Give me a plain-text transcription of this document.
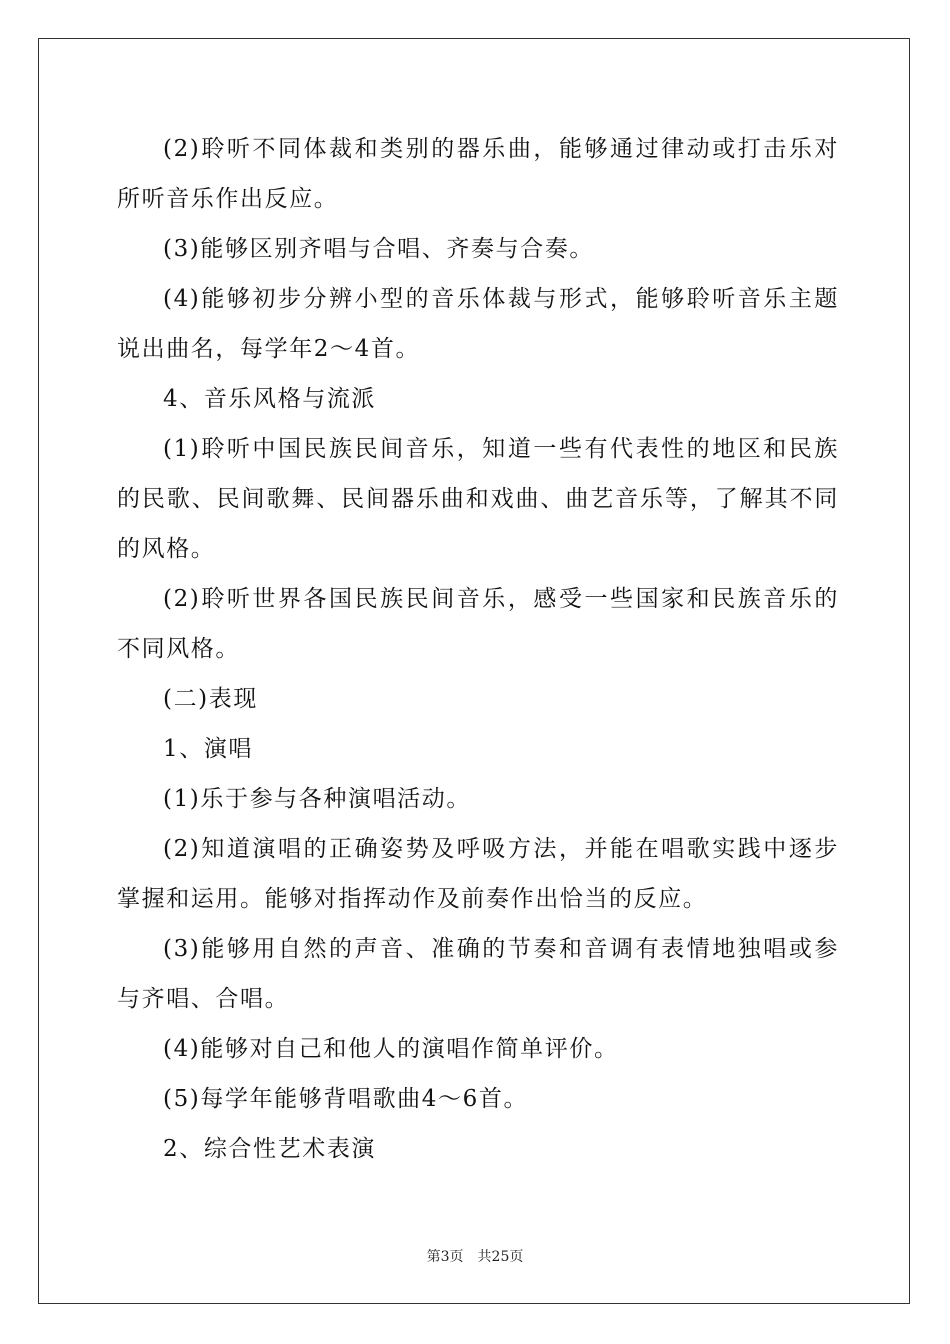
(2)聆听不同体裁和类别的器乐曲，能够通过律动或打击乐对所听音乐作出反应。

(3)能够区别齐唱与合唱、齐奏与合奏。

(4)能够初步分辨小型的音乐体裁与形式，能够聆听音乐主题说出曲名，每学年2～4首。

4、音乐风格与流派

(1)聆听中国民族民间音乐，知道一些有代表性的地区和民族的民歌、民间歌舞、民间器乐曲和戏曲、曲艺音乐等，了解其不同的风格。

(2)聆听世界各国民族民间音乐，感受一些国家和民族音乐的不同风格。

(二)表现

1、演唱

(1)乐于参与各种演唱活动。

(2)知道演唱的正确姿势及呼吸方法，并能在唱歌实践中逐步掌握和运用。能够对指挥动作及前奏作出恰当的反应。

(3)能够用自然的声音、准确的节奏和音调有表情地独唱或参与齐唱、合唱。

(4)能够对自己和他人的演唱作简单评价。

(5)每学年能够背唱歌曲4～6首。

2、综合性艺术表演

第3页 共25页
